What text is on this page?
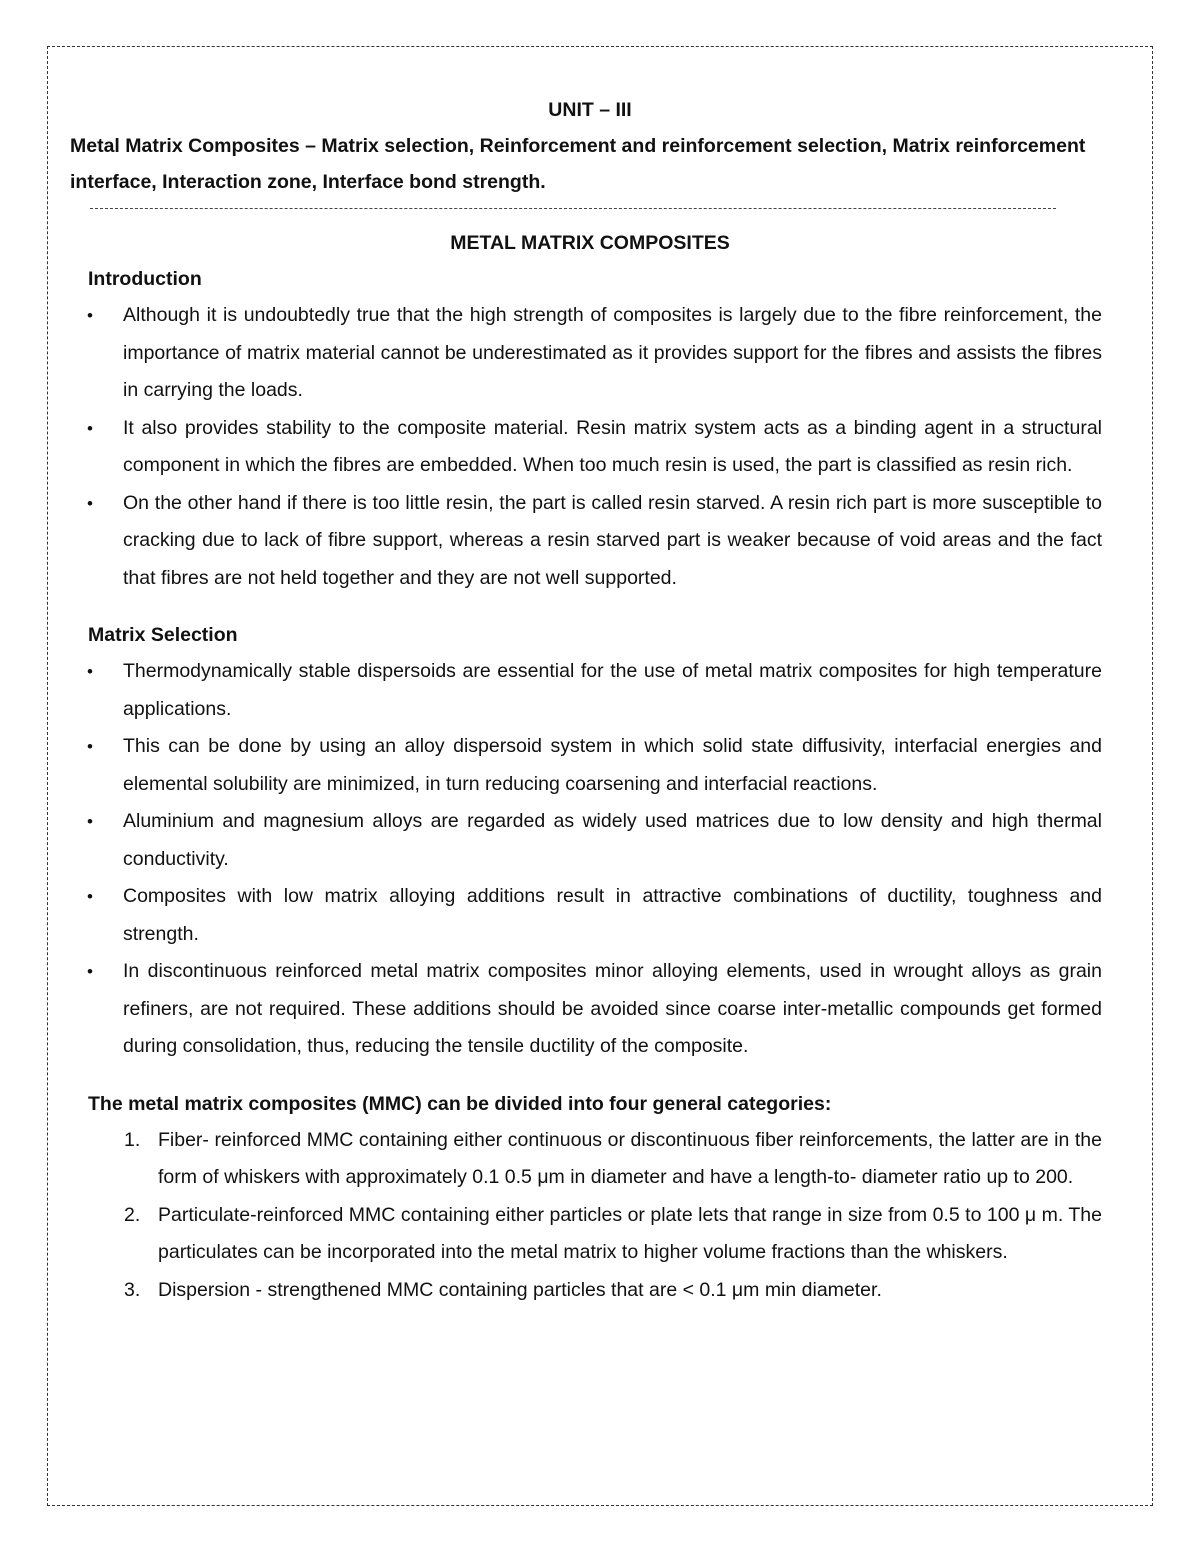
UNIT – III

Metal Matrix Composites – Matrix selection, Reinforcement and reinforcement selection, Matrix reinforcement interface, Interaction zone, Interface bond strength.

METAL MATRIX COMPOSITES

Introduction

• Although it is undoubtedly true that the high strength of composites is largely due to the fibre reinforcement, the importance of matrix material cannot be underestimated as it provides support for the fibres and assists the fibres in carrying the loads.
• It also provides stability to the composite material. Resin matrix system acts as a binding agent in a structural component in which the fibres are embedded. When too much resin is used, the part is classified as resin rich.
• On the other hand if there is too little resin, the part is called resin starved. A resin rich part is more susceptible to cracking due to lack of fibre support, whereas a resin starved part is weaker because of void areas and the fact that fibres are not held together and they are not well supported.

Matrix Selection

• Thermodynamically stable dispersoids are essential for the use of metal matrix composites for high temperature applications.
• This can be done by using an alloy dispersoid system in which solid state diffusivity, interfacial energies and elemental solubility are minimized, in turn reducing coarsening and interfacial reactions.
• Aluminium and magnesium alloys are regarded as widely used matrices due to low density and high thermal conductivity.
• Composites with low matrix alloying additions result in attractive combinations of ductility, toughness and strength.
• In discontinuous reinforced metal matrix composites minor alloying elements, used in wrought alloys as grain refiners, are not required. These additions should be avoided since coarse inter-metallic compounds get formed during consolidation, thus, reducing the tensile ductility of the composite.

The metal matrix composites (MMC) can be divided into four general categories:

1. Fiber- reinforced MMC containing either continuous or discontinuous fiber reinforcements, the latter are in the form of whiskers with approximately 0.1 0.5 μm in diameter and have a length-to- diameter ratio up to 200.
2. Particulate-reinforced MMC containing either particles or plate lets that range in size from 0.5 to 100 μ m. The particulates can be incorporated into the metal matrix to higher volume fractions than the whiskers.
3. Dispersion - strengthened MMC containing particles that are < 0.1 μm min diameter.
